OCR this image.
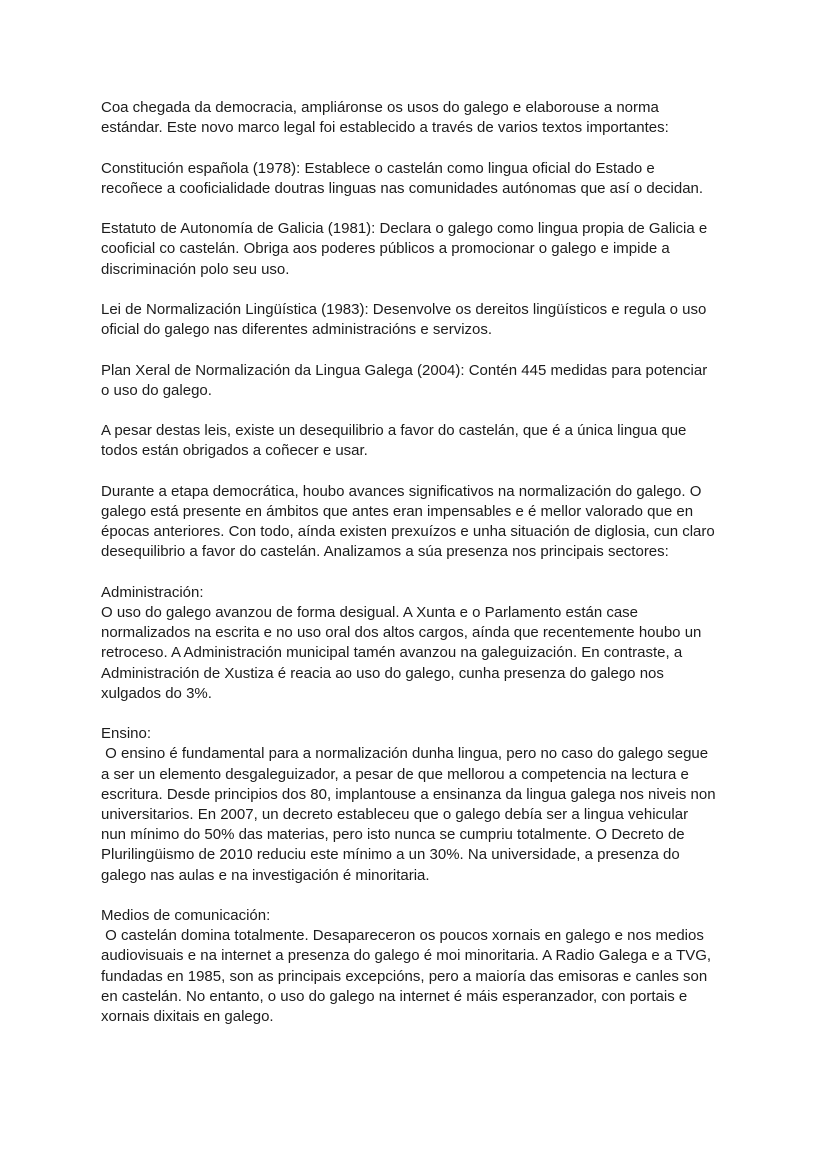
Coa chegada da democracia, ampliáronse os usos do galego e elaborouse a norma
estándar. Este novo marco legal foi establecido a través de varios textos importantes:
Constitución española (1978): Establece o castelán como lingua oficial do Estado e
recoñece a cooficialidade doutras linguas nas comunidades autónomas que así o decidan.
Estatuto de Autonomía de Galicia (1981): Declara o galego como lingua propia de Galicia e
cooficial co castelán. Obriga aos poderes públicos a promocionar o galego e impide a
discriminación polo seu uso.
Lei de Normalización Lingüística (1983): Desenvolve os dereitos lingüísticos e regula o uso
oficial do galego nas diferentes administracións e servizos.
Plan Xeral de Normalización da Lingua Galega (2004): Contén 445 medidas para potenciar
o uso do galego.
A pesar destas leis, existe un desequilibrio a favor do castelán, que é a única lingua que
todos están obrigados a coñecer e usar.
Durante a etapa democrática, houbo avances significativos na normalización do galego. O
galego está presente en ámbitos que antes eran impensables e é mellor valorado que en
épocas anteriores. Con todo, aínda existen prexuízos e unha situación de diglosia, cun claro
desequilibrio a favor do castelán. Analizamos a súa presenza nos principais sectores:
Administración:
O uso do galego avanzou de forma desigual. A Xunta e o Parlamento están case
normalizados na escrita e no uso oral dos altos cargos, aínda que recentemente houbo un
retroceso. A Administración municipal tamén avanzou na galeguización. En contraste, a
Administración de Xustiza é reacia ao uso do galego, cunha presenza do galego nos
xulgados do 3%.
Ensino:
O ensino é fundamental para a normalización dunha lingua, pero no caso do galego segue
a ser un elemento desgaleguizador, a pesar de que mellorou a competencia na lectura e
escritura. Desde principios dos 80, implantouse a ensinanza da lingua galega nos niveis non
universitarios. En 2007, un decreto estableceu que o galego debía ser a lingua vehicular
nun mínimo do 50% das materias, pero isto nunca se cumpriu totalmente. O Decreto de
Plurilingüismo de 2010 reduciu este mínimo a un 30%. Na universidade, a presenza do
galego nas aulas e na investigación é minoritaria.
Medios de comunicación:
O castelán domina totalmente. Desapareceron os poucos xornais en galego e nos medios
audiovisuais e na internet a presenza do galego é moi minoritaria. A Radio Galega e a TVG,
fundadas en 1985, son as principais excepcións, pero a maioría das emisoras e canles son
en castelán. No entanto, o uso do galego na internet é máis esperanzador, con portais e
xornais dixitais en galego.
